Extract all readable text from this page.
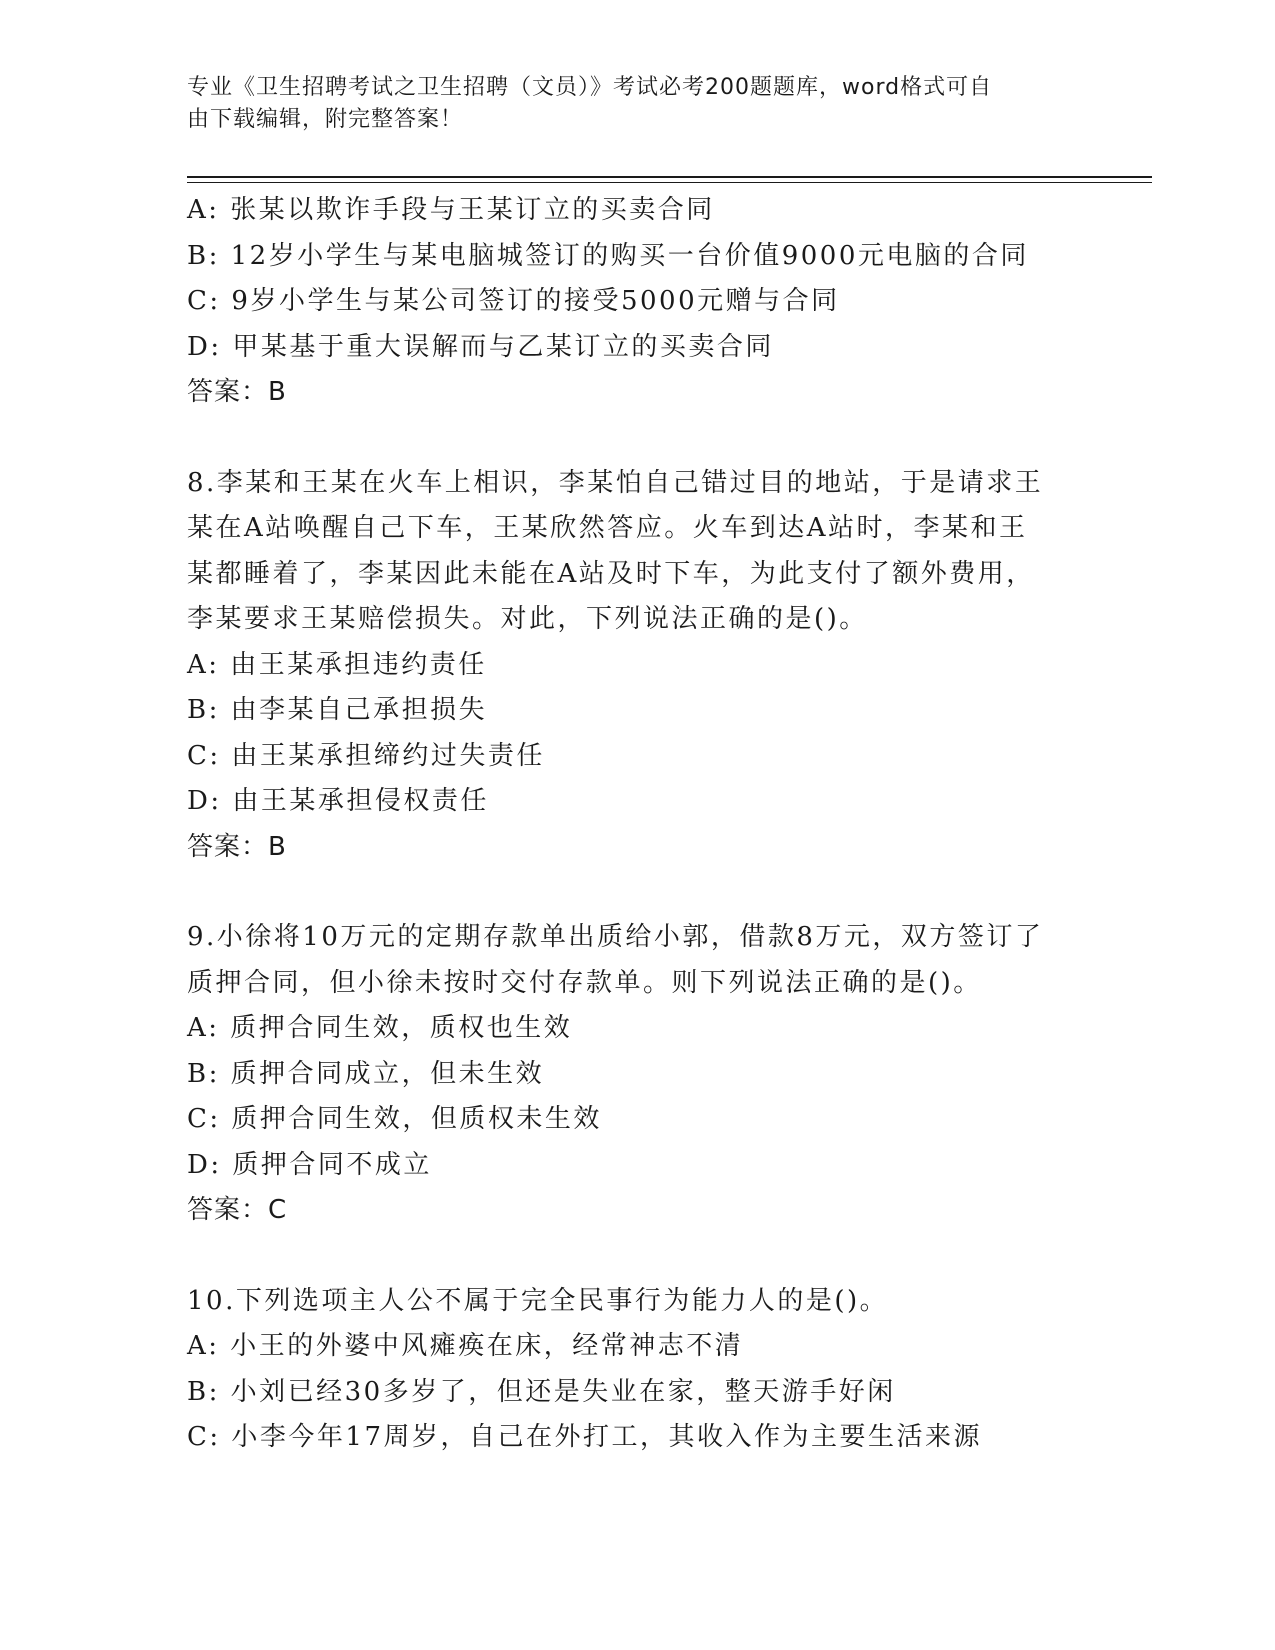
专业《卫生招聘考试之卫生招聘（文员）》考试必考200题题库，word格式可自
由下载编辑，附完整答案！
A: 张某以欺诈手段与王某订立的买卖合同
B: 12岁小学生与某电脑城签订的购买一台价值9000元电脑的合同
C: 9岁小学生与某公司签订的接受5000元赠与合同
D: 甲某基于重大误解而与乙某订立的买卖合同
答案：B
8.李某和王某在火车上相识，李某怕自己错过目的地站，于是请求王
某在A站唤醒自己下车，王某欣然答应。火车到达A站时，李某和王
某都睡着了，李某因此未能在A站及时下车，为此支付了额外费用，
李某要求王某赔偿损失。对此，下列说法正确的是()。
A: 由王某承担违约责任
B: 由李某自己承担损失
C: 由王某承担缔约过失责任
D: 由王某承担侵权责任
答案：B
9.小徐将10万元的定期存款单出质给小郭，借款8万元，双方签订了
质押合同，但小徐未按时交付存款单。则下列说法正确的是()。
A: 质押合同生效，质权也生效
B: 质押合同成立，但未生效
C: 质押合同生效，但质权未生效
D: 质押合同不成立
答案：C
10.下列选项主人公不属于完全民事行为能力人的是()。
A: 小王的外婆中风瘫痪在床，经常神志不清
B: 小刘已经30多岁了，但还是失业在家，整天游手好闲
C: 小李今年17周岁，自己在外打工，其收入作为主要生活来源
